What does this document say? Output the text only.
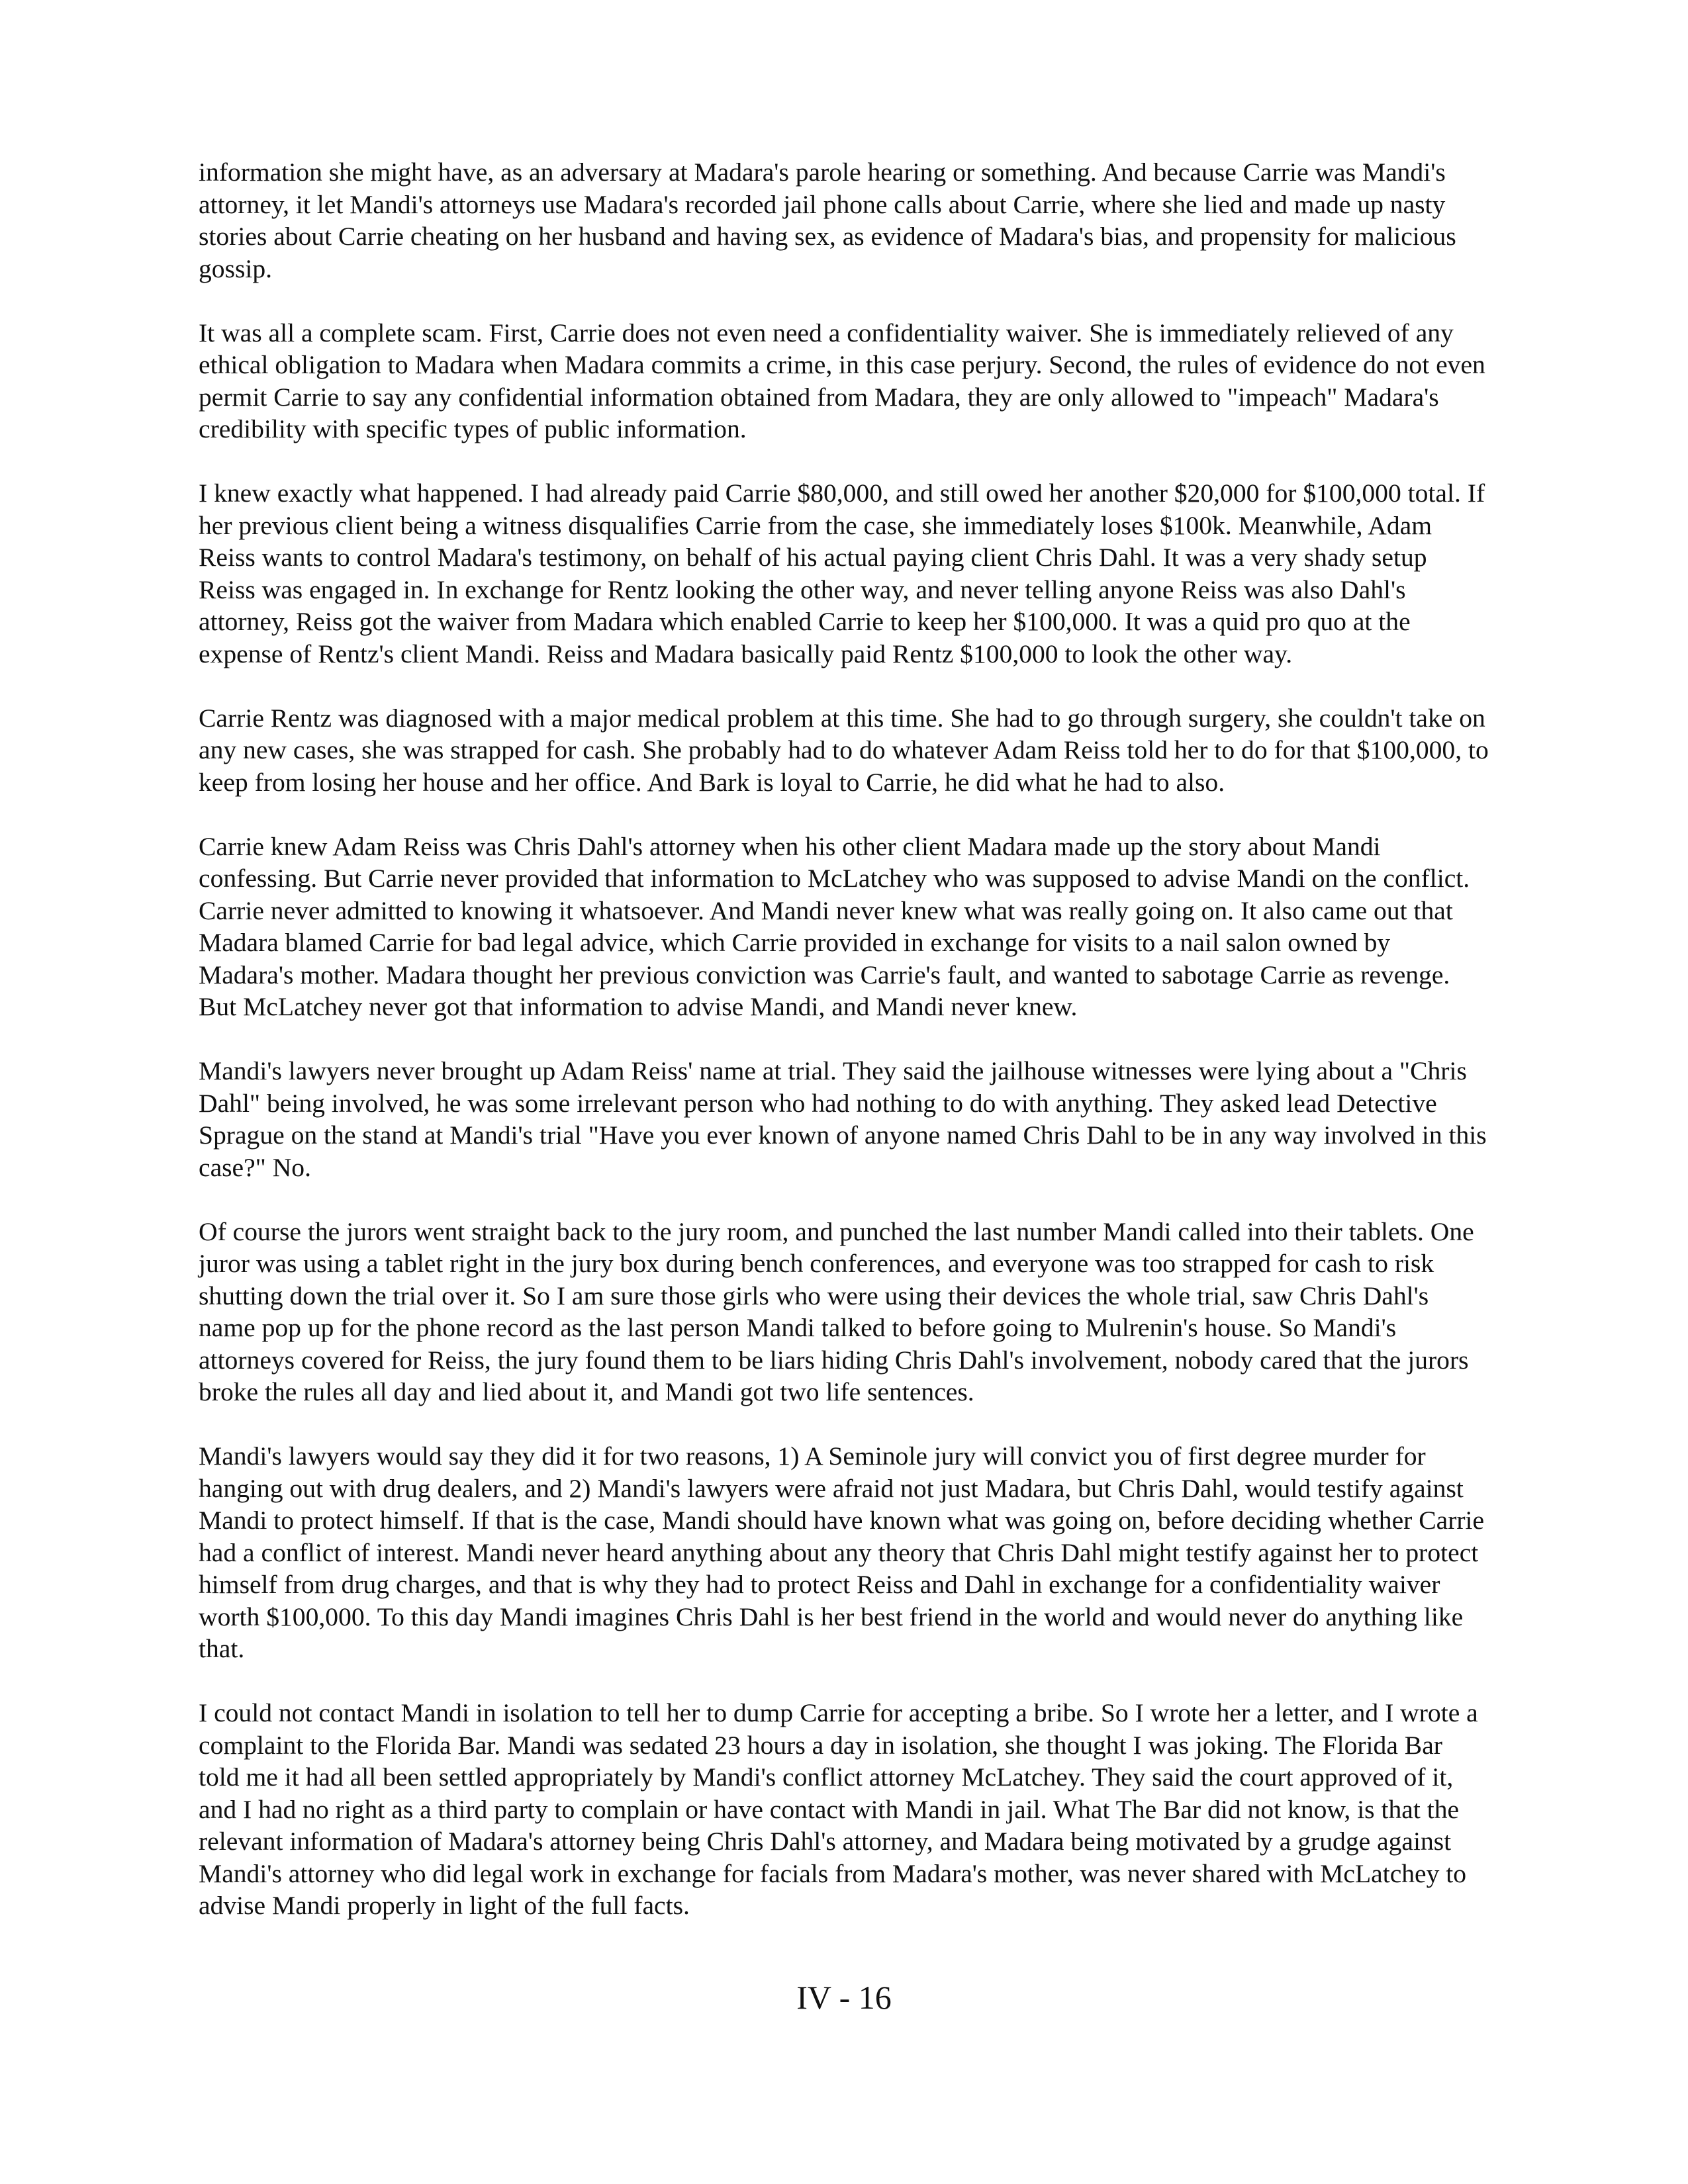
information she might have, as an adversary at Madara's parole hearing or something. And because Carrie was Mandi's attorney, it let Mandi's attorneys use Madara's recorded jail phone calls about Carrie, where she lied and made up nasty stories about Carrie cheating on her husband and having sex, as evidence of Madara's bias, and propensity for malicious gossip.

It was all a complete scam. First, Carrie does not even need a confidentiality waiver. She is immediately relieved of any ethical obligation to Madara when Madara commits a crime, in this case perjury. Second, the rules of evidence do not even permit Carrie to say any confidential information obtained from Madara, they are only allowed to "impeach" Madara's credibility with specific types of public information.

I knew exactly what happened. I had already paid Carrie $80,000, and still owed her another $20,000 for $100,000 total. If her previous client being a witness disqualifies Carrie from the case, she immediately loses $100k. Meanwhile, Adam Reiss wants to control Madara's testimony, on behalf of his actual paying client Chris Dahl. It was a very shady setup Reiss was engaged in. In exchange for Rentz looking the other way, and never telling anyone Reiss was also Dahl's attorney, Reiss got the waiver from Madara which enabled Carrie to keep her $100,000. It was a quid pro quo at the expense of Rentz's client Mandi. Reiss and Madara basically paid Rentz $100,000 to look the other way.

Carrie Rentz was diagnosed with a major medical problem at this time. She had to go through surgery, she couldn't take on any new cases, she was strapped for cash. She probably had to do whatever Adam Reiss told her to do for that $100,000, to keep from losing her house and her office. And Bark is loyal to Carrie, he did what he had to also.

Carrie knew Adam Reiss was Chris Dahl's attorney when his other client Madara made up the story about Mandi confessing. But Carrie never provided that information to McLatchey who was supposed to advise Mandi on the conflict. Carrie never admitted to knowing it whatsoever. And Mandi never knew what was really going on. It also came out that Madara blamed Carrie for bad legal advice, which Carrie provided in exchange for visits to a nail salon owned by Madara's mother. Madara thought her previous conviction was Carrie's fault, and wanted to sabotage Carrie as revenge. But McLatchey never got that information to advise Mandi, and Mandi never knew.

Mandi's lawyers never brought up Adam Reiss' name at trial. They said the jailhouse witnesses were lying about a "Chris Dahl" being involved, he was some irrelevant person who had nothing to do with anything. They asked lead Detective Sprague on the stand at Mandi's trial "Have you ever known of anyone named Chris Dahl to be in any way involved in this case?" No.

Of course the jurors went straight back to the jury room, and punched the last number Mandi called into their tablets. One juror was using a tablet right in the jury box during bench conferences, and everyone was too strapped for cash to risk shutting down the trial over it. So I am sure those girls who were using their devices the whole trial, saw Chris Dahl's name pop up for the phone record as the last person Mandi talked to before going to Mulrenin's house. So Mandi's attorneys covered for Reiss, the jury found them to be liars hiding Chris Dahl's involvement, nobody cared that the jurors broke the rules all day and lied about it, and Mandi got two life sentences.

Mandi's lawyers would say they did it for two reasons, 1) A Seminole jury will convict you of first degree murder for hanging out with drug dealers, and 2) Mandi's lawyers were afraid not just Madara, but Chris Dahl, would testify against Mandi to protect himself. If that is the case, Mandi should have known what was going on, before deciding whether Carrie had a conflict of interest. Mandi never heard anything about any theory that Chris Dahl might testify against her to protect himself from drug charges, and that is why they had to protect Reiss and Dahl in exchange for a confidentiality waiver worth $100,000. To this day Mandi imagines Chris Dahl is her best friend in the world and would never do anything like that.

I could not contact Mandi in isolation to tell her to dump Carrie for accepting a bribe. So I wrote her a letter, and I wrote a complaint to the Florida Bar. Mandi was sedated 23 hours a day in isolation, she thought I was joking. The Florida Bar told me it had all been settled appropriately by Mandi's conflict attorney McLatchey. They said the court approved of it, and I had no right as a third party to complain or have contact with Mandi in jail. What The Bar did not know, is that the relevant information of Madara's attorney being Chris Dahl's attorney, and Madara being motivated by a grudge against Mandi's attorney who did legal work in exchange for facials from Madara's mother, was never shared with McLatchey to advise Mandi properly in light of the full facts.

IV - 16
